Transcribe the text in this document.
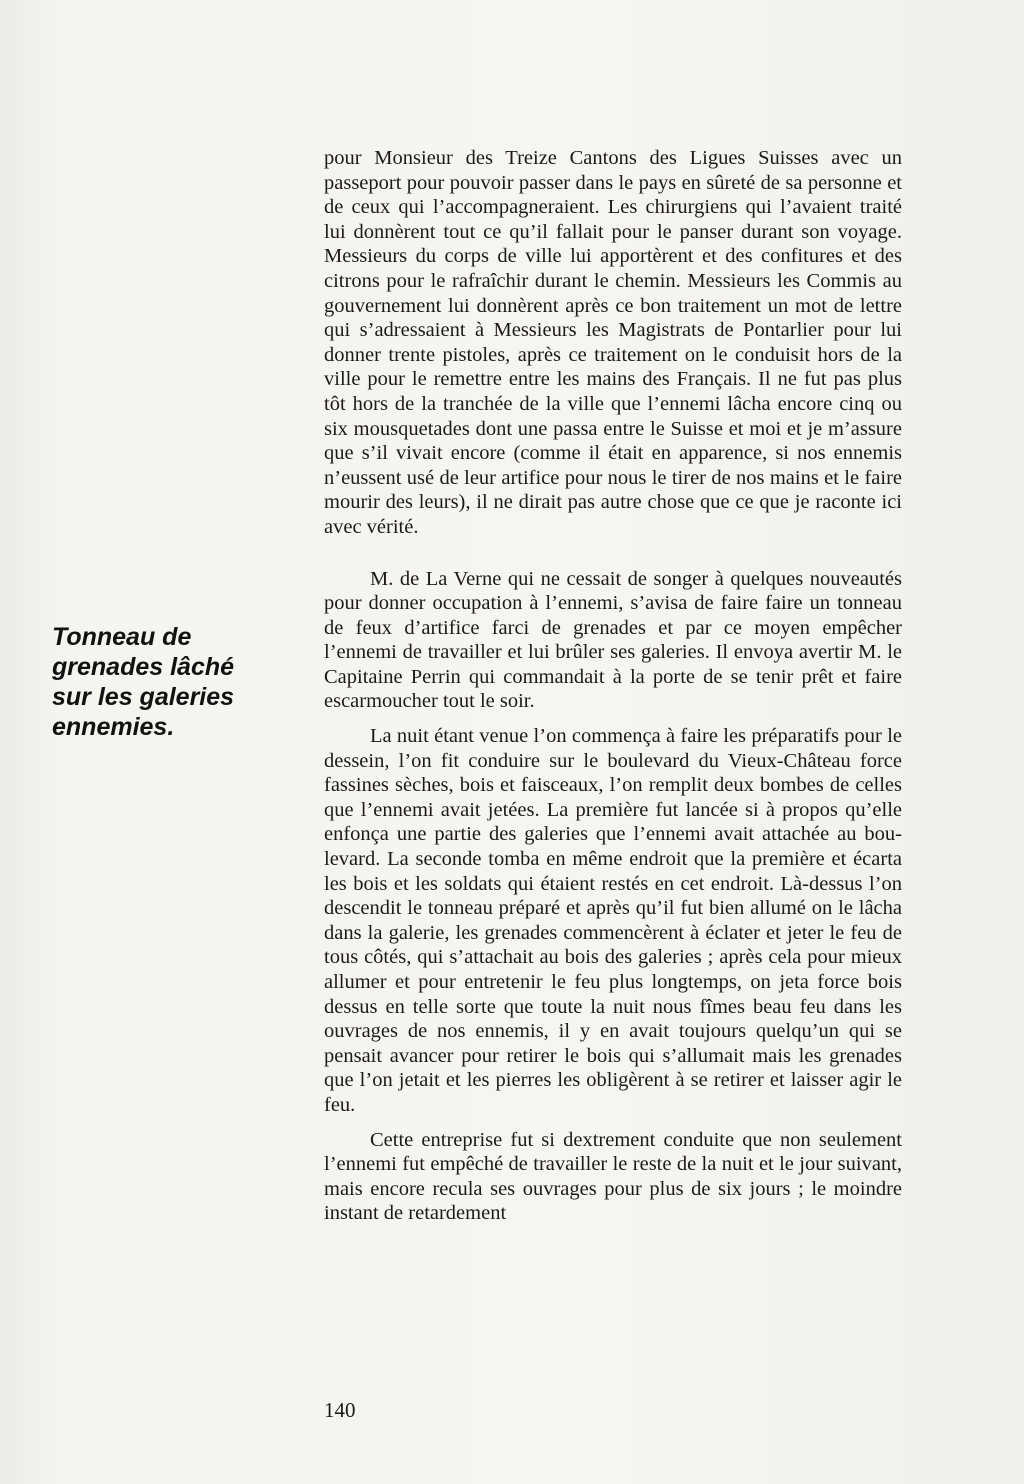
Tonneau de
grenades lâché
sur les galeries
ennemies.

pour Monsieur des Treize Cantons des Ligues Suisses avec un passeport pour pouvoir passer dans le pays en sûreté de sa personne et de ceux qui l’accompagneraient. Les chirurgiens qui l’avaient traité lui donnèrent tout ce qu’il fallait pour le panser durant son voyage. Messieurs du corps de ville lui apportèrent et des confitures et des citrons pour le rafraîchir durant le chemin. Messieurs les Commis au gouvernement lui donnèrent après ce bon traitement un mot de lettre qui s’adressaient à Messieurs les Magistrats de Pontarlier pour lui donner trente pistoles, après ce traitement on le conduisit hors de la ville pour le remettre entre les mains des Français. Il ne fut pas plus tôt hors de la tranchée de la ville que l’ennemi lâcha encore cinq ou six mousquetades dont une passa entre le Suisse et moi et je m’assure que s’il vivait encore (comme il était en apparence, si nos ennemis n’eussent usé de leur artifice pour nous le tirer de nos mains et le faire mourir des leurs), il ne dirait pas autre chose que ce que je raconte ici avec vérité.

M. de La Verne qui ne cessait de songer à quelques nouveautés pour donner occupation à l’ennemi, s’avisa de faire faire un tonneau de feux d’artifice farci de grenades et par ce moyen empêcher l’ennemi de travailler et lui brûler ses galeries. Il envoya avertir M. le Capitaine Perrin qui commandait à la porte de se tenir prêt et faire escarmoucher tout le soir.

La nuit étant venue l’on commença à faire les préparatifs pour le dessein, l’on fit conduire sur le boulevard du Vieux-Château force fassines sèches, bois et faisceaux, l’on remplit deux bombes de celles que l’ennemi avait jetées. La première fut lancée si à propos qu’elle enfonça une partie des galeries que l’ennemi avait attachée au boulevard. La seconde tomba en même endroit que la première et écarta les bois et les soldats qui étaient restés en cet endroit. Là-dessus l’on descendit le tonneau préparé et après qu’il fut bien allumé on le lâcha dans la galerie, les grenades commencèrent à éclater et jeter le feu de tous côtés, qui s’attachait au bois des galeries ; après cela pour mieux allumer et pour entretenir le feu plus longtemps, on jeta force bois dessus en telle sorte que toute la nuit nous fîmes beau feu dans les ouvrages de nos ennemis, il y en avait toujours quelqu’un qui se pensait avancer pour retirer le bois qui s’allumait mais les grenades que l’on jetait et les pierres les obligèrent à se retirer et laisser agir le feu.

Cette entreprise fut si dextrement conduite que non seulement l’ennemi fut empêché de travailler le reste de la nuit et le jour suivant, mais encore recula ses ouvrages pour plus de six jours ; le moindre instant de retardement

140
